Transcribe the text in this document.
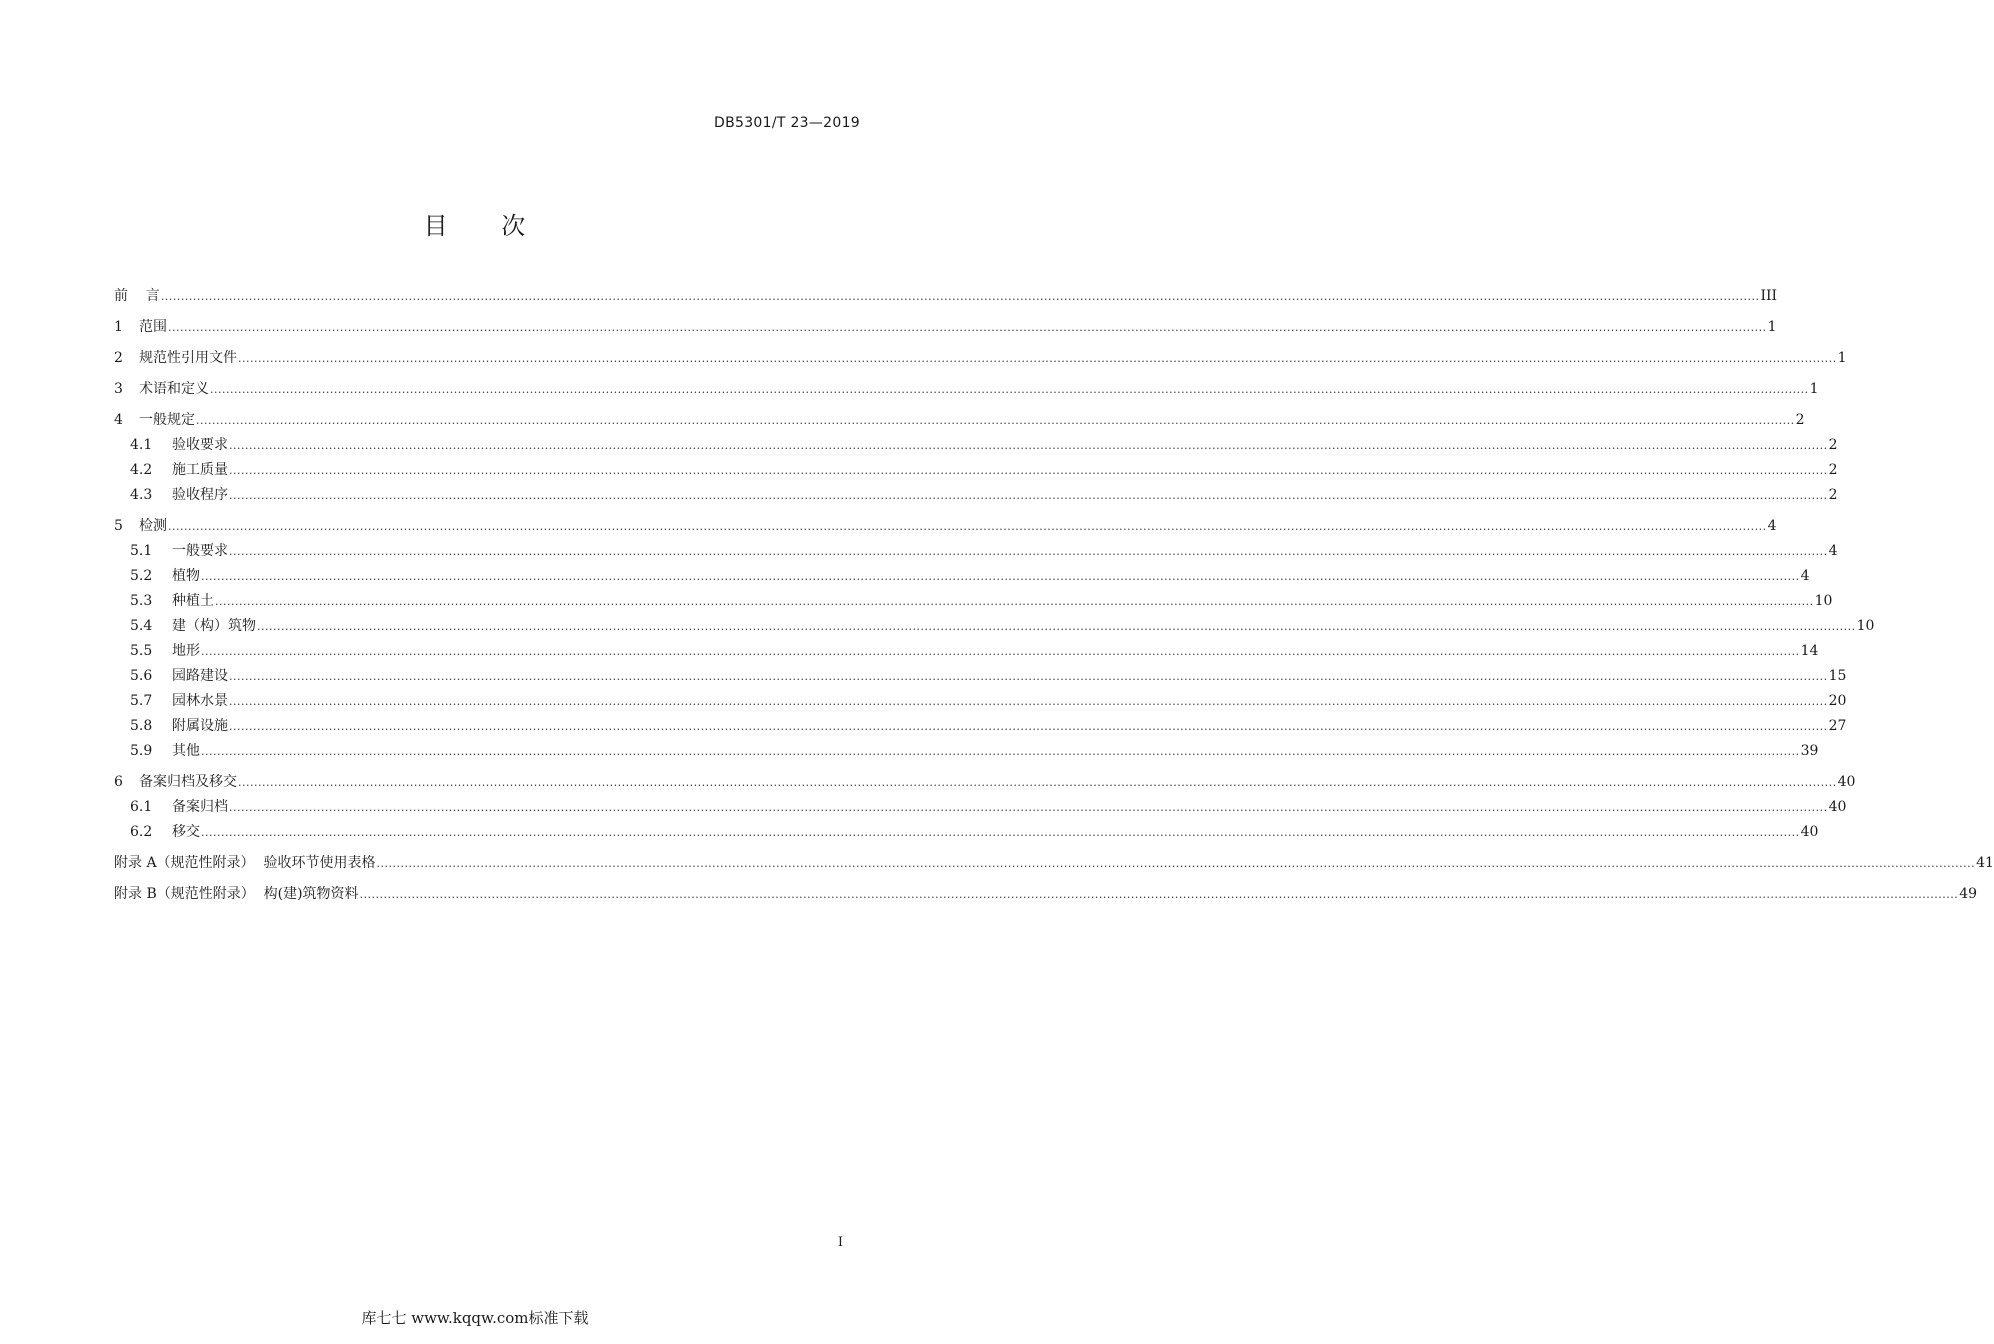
DB5301/T 23—2019
目 次
前    言 ................................................................................................................................................................................................................................................................................................................................................................................................................ III
1	范围 ................................................................................................................................................................................................................................................................................................................................................................................................................ 1
2	规范性引用文件 ................................................................................................................................................................................................................................................................................................................................................................................................................ 1
3	术语和定义 ................................................................................................................................................................................................................................................................................................................................................................................................................ 1
4	一般规定 ................................................................................................................................................................................................................................................................................................................................................................................................................ 2
4.1	验收要求 ................................................................................................................................................................................................................................................................................................................................................................................................................ 2
4.2	施工质量 ................................................................................................................................................................................................................................................................................................................................................................................................................ 2
4.3	验收程序 ................................................................................................................................................................................................................................................................................................................................................................................................................ 2
5	检测 ................................................................................................................................................................................................................................................................................................................................................................................................................ 4
5.1	一般要求 ................................................................................................................................................................................................................................................................................................................................................................................................................ 4
5.2	植物 ................................................................................................................................................................................................................................................................................................................................................................................................................ 4
5.3	种植土 ................................................................................................................................................................................................................................................................................................................................................................................................................ 10
5.4	建（构）筑物 ................................................................................................................................................................................................................................................................................................................................................................................................................ 10
5.5	地形 ................................................................................................................................................................................................................................................................................................................................................................................................................ 14
5.6	园路建设 ................................................................................................................................................................................................................................................................................................................................................................................................................ 15
5.7	园林水景 ................................................................................................................................................................................................................................................................................................................................................................................................................ 20
5.8	附属设施 ................................................................................................................................................................................................................................................................................................................................................................................................................ 27
5.9	其他 ................................................................................................................................................................................................................................................................................................................................................................................................................ 39
6	备案归档及移交 ................................................................................................................................................................................................................................................................................................................................................................................................................ 40
6.1	备案归档 ................................................................................................................................................................................................................................................................................................................................................................................................................ 40
6.2	移交 ................................................................................................................................................................................................................................................................................................................................................................................................................ 40
附录 A（规范性附录）  验收环节使用表格 ................................................................................................................................................................................................................................................................................................................................................................................................................ 41
附录 B（规范性附录）  构(建)筑物资料 ................................................................................................................................................................................................................................................................................................................................................................................................................ 49
I
库七七 www.kqqw.com标准下载
